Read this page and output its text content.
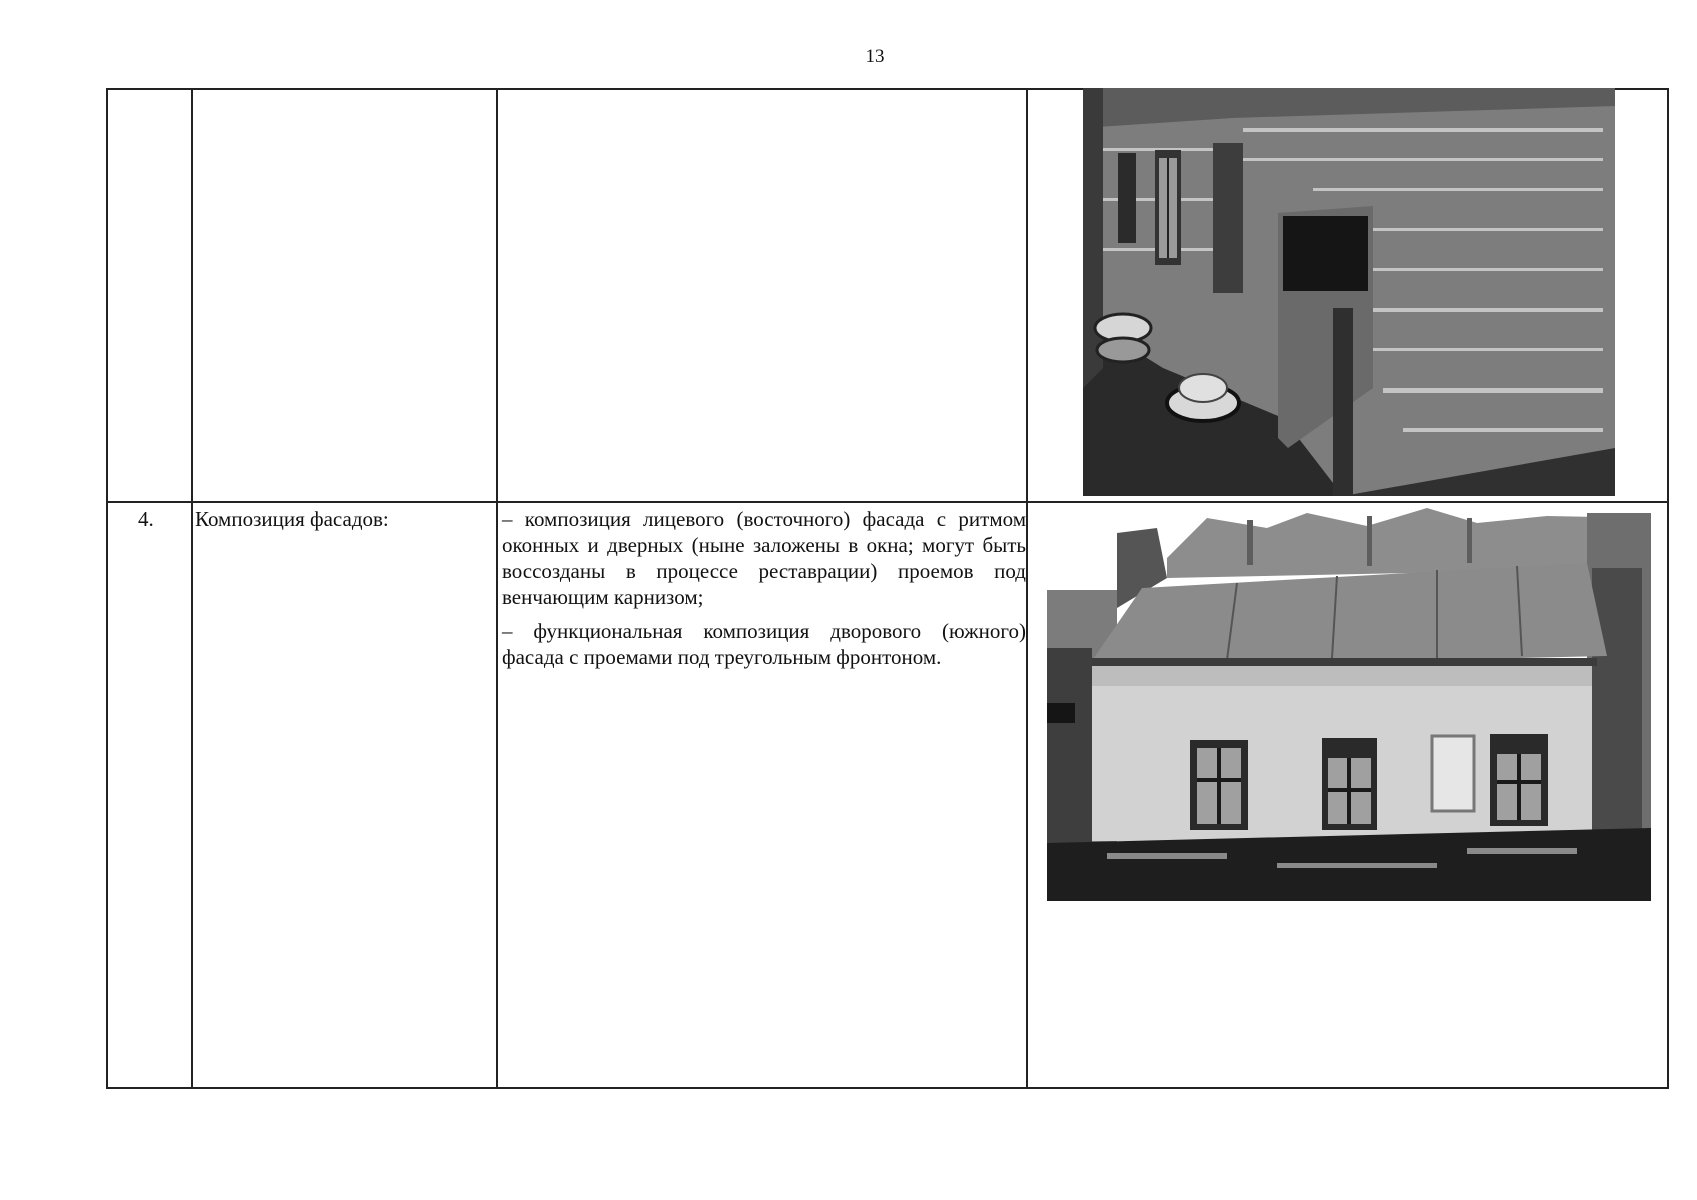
13
4.	Композиция фасадов:	– композиция лицевого (восточного) фасада с ритмом оконных и дверных (ныне заложены в окна; могут быть воссозданы в процессе реставрации) проемов под венчающим карнизом;

– функциональная композиция дворового (южного) фасада с проемами под треугольным фронтоном.
